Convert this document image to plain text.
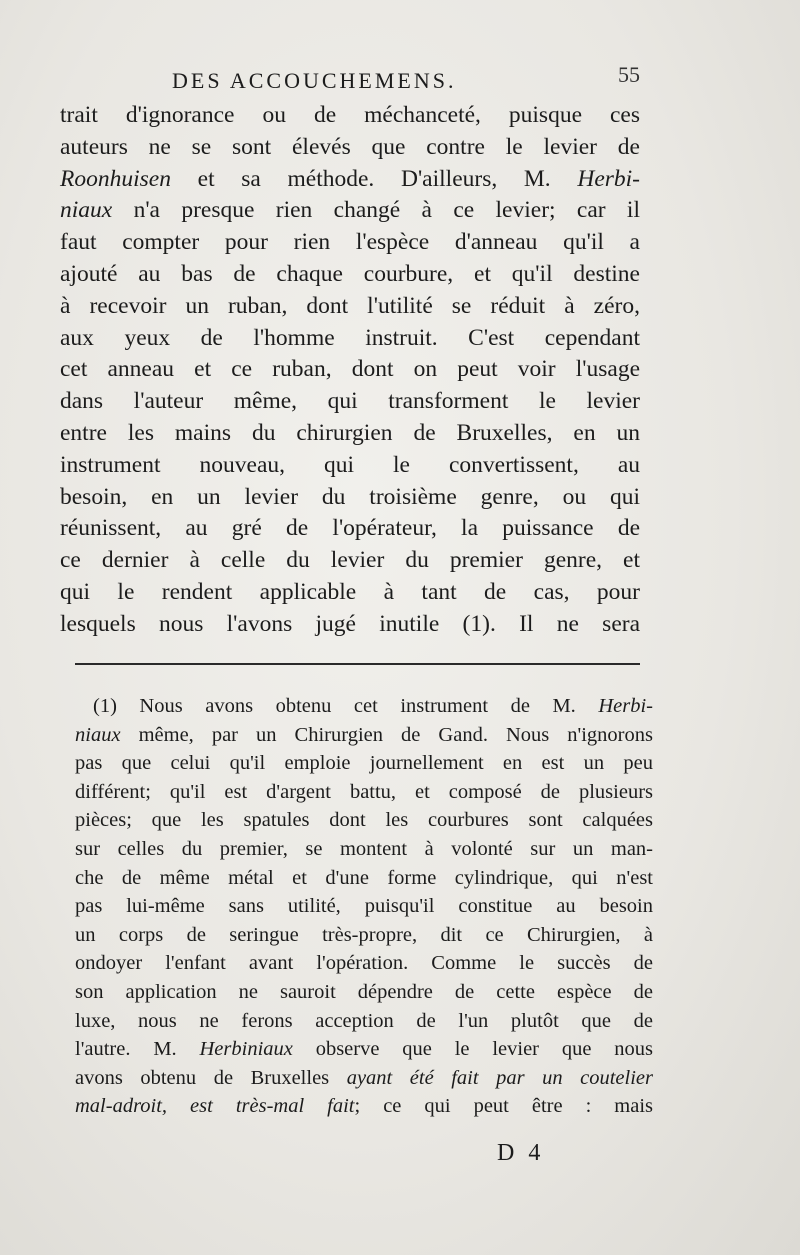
DES ACCOUCHEMENS.	55
trait d'ignorance ou de méchanceté, puisque ces
auteurs ne se sont élevés que contre le levier de
Roonhuisen et sa méthode. D'ailleurs, M. Herbi-
niaux n'a presque rien changé à ce levier; car il
faut compter pour rien l'espèce d'anneau qu'il a
ajouté au bas de chaque courbure, et qu'il destine
à recevoir un ruban, dont l'utilité se réduit à zéro,
aux yeux de l'homme instruit. C'est cependant
cet anneau et ce ruban, dont on peut voir l'usage
dans l'auteur même, qui transforment le levier
entre les mains du chirurgien de Bruxelles, en un
instrument nouveau, qui le convertissent, au
besoin, en un levier du troisième genre, ou qui
réunissent, au gré de l'opérateur, la puissance de
ce dernier à celle du levier du premier genre, et
qui le rendent applicable à tant de cas, pour
lesquels nous l'avons jugé inutile (1). Il ne sera
(1) Nous avons obtenu cet instrument de M. Herbi-
niaux même, par un Chirurgien de Gand. Nous n'ignorons
pas que celui qu'il emploie journellement en est un peu
différent; qu'il est d'argent battu, et composé de plusieurs
pièces; que les spatules dont les courbures sont calquées
sur celles du premier, se montent à volonté sur un man-
che de même métal et d'une forme cylindrique, qui n'est
pas lui-même sans utilité, puisqu'il constitue au besoin
un corps de seringue très-propre, dit ce Chirurgien, à
ondoyer l'enfant avant l'opération. Comme le succès de
son application ne sauroit dépendre de cette espèce de
luxe, nous ne ferons acception de l'un plutôt que de
l'autre. M. Herbiniaux observe que le levier que nous
avons obtenu de Bruxelles ayant été fait par un coutelier
mal-adroit, est très-mal fait; ce qui peut être : mais
D 4
